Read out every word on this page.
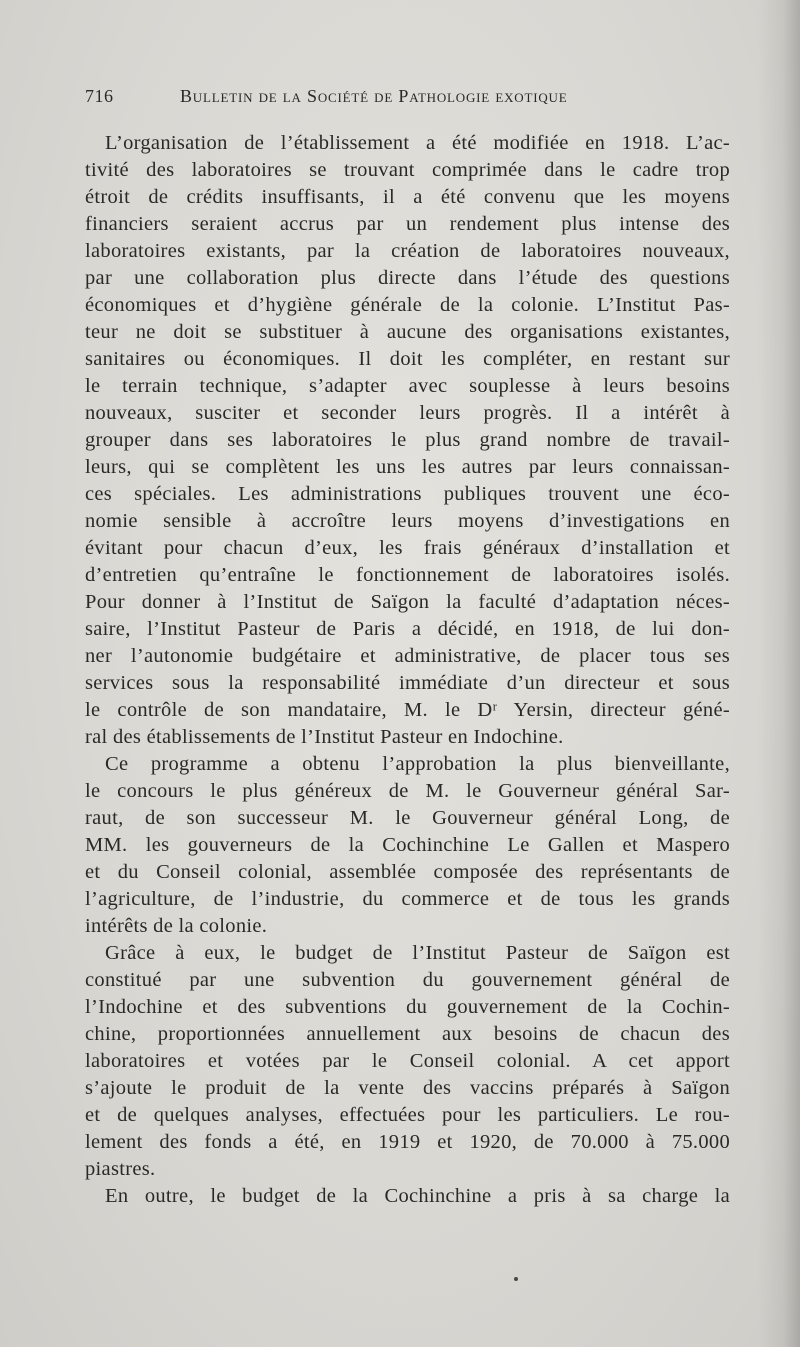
716	Bulletin de la Société de Pathologie exotique
L’organisation de l’établissement a été modifiée en 1918. L’ac-
tivité des laboratoires se trouvant comprimée dans le cadre trop
étroit de crédits insuffisants, il a été convenu que les moyens
financiers seraient accrus par un rendement plus intense des
laboratoires existants, par la création de laboratoires nouveaux,
par une collaboration plus directe dans l’étude des questions
économiques et d’hygiène générale de la colonie. L’Institut Pas-
teur ne doit se substituer à aucune des organisations existantes,
sanitaires ou économiques. Il doit les compléter, en restant sur
le terrain technique, s’adapter avec souplesse à leurs besoins
nouveaux, susciter et seconder leurs progrès. Il a intérêt à
grouper dans ses laboratoires le plus grand nombre de travail-
leurs, qui se complètent les uns les autres par leurs connaissan-
ces spéciales. Les administrations publiques trouvent une éco-
nomie sensible à accroître leurs moyens d’investigations en
évitant pour chacun d’eux, les frais généraux d’installation et
d’entretien qu’entraîne le fonctionnement de laboratoires isolés.
Pour donner à l’Institut de Saïgon la faculté d’adaptation néces-
saire, l’Institut Pasteur de Paris a décidé, en 1918, de lui don-
ner l’autonomie budgétaire et administrative, de placer tous ses
services sous la responsabilité immédiate d’un directeur et sous
le contrôle de son mandataire, M. le Dʳ Yersin, directeur géné-
ral des établissements de l’Institut Pasteur en Indochine.
Ce programme a obtenu l’approbation la plus bienveillante,
le concours le plus généreux de M. le Gouverneur général Sar-
raut, de son successeur M. le Gouverneur général Long, de
MM. les gouverneurs de la Cochinchine Le Gallen et Maspero
et du Conseil colonial, assemblée composée des représentants de
l’agriculture, de l’industrie, du commerce et de tous les grands
intérêts de la colonie.
Grâce à eux, le budget de l’Institut Pasteur de Saïgon est
constitué par une subvention du gouvernement général de
l’Indochine et des subventions du gouvernement de la Cochin-
chine, proportionnées annuellement aux besoins de chacun des
laboratoires et votées par le Conseil colonial. A cet apport
s’ajoute le produit de la vente des vaccins préparés à Saïgon
et de quelques analyses, effectuées pour les particuliers. Le rou-
lement des fonds a été, en 1919 et 1920, de 70.000 à 75.000
piastres.
En outre, le budget de la Cochinchine a pris à sa charge la
